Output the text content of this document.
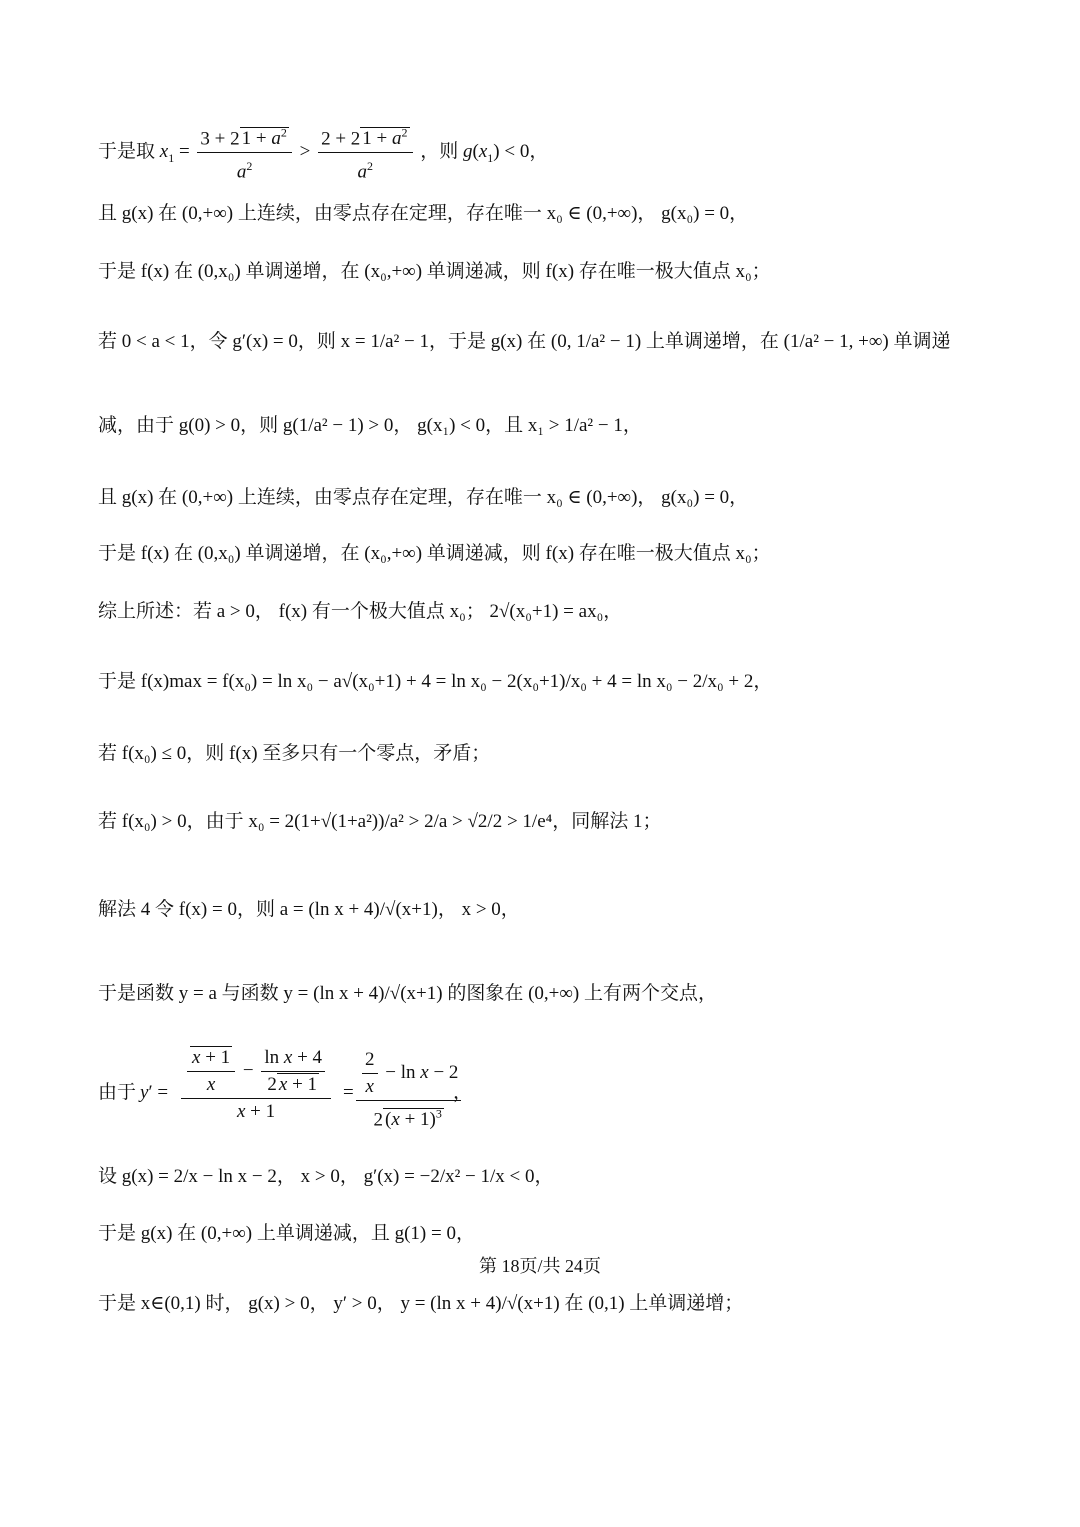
于是取 $x_1 = \frac{3 + 2 1 + a^2}{a^2} > \frac{2 + 2 1 + a^2}{a^2}$ ，则 $g(x_1) < 0$，
且 g(x) 在 (0,+∞) 上连续，由零点存在定理，存在唯一 x₀ ∈ (0,+∞)， g(x₀) = 0，
于是 f(x) 在 (0,x₀) 单调递增，在 (x₀,+∞) 单调递减，则 f(x) 存在唯一极大值点 x₀；
若 0 < a < 1，令 g′(x) = 0，则 x = 1/a² − 1，于是 g(x) 在 (0, 1/a² − 1) 上单调递增，在 (1/a² − 1, +∞) 单调递
减，由于 g(0) > 0，则 g(1/a² − 1) > 0， g(x₁) < 0，且 x₁ > 1/a² − 1，
且 g(x) 在 (0,+∞) 上连续，由零点存在定理，存在唯一 x₀ ∈ (0,+∞)， g(x₀) = 0，
于是 f(x) 在 (0,x₀) 单调递增，在 (x₀,+∞) 单调递减，则 f(x) 存在唯一极大值点 x₀；
综上所述：若 a > 0， f(x) 有一个极大值点 x₀； 2√(x₀+1) = ax₀，
于是 f(x)max = f(x₀) = ln x₀ − a√(x₀+1) + 4 = ln x₀ − 2(x₀+1)/x₀ + 4 = ln x₀ − 2/x₀ + 2，
若 f(x₀) ≤ 0，则 f(x) 至多只有一个零点，矛盾；
若 f(x₀) > 0，由于 x₀ = 2(1+√(1+a²))/a² > 2/a > √2/2 > 1/e⁴，同解法 1；
解法 4 令 f(x) = 0，则 a = (ln x + 4)/√(x+1)， x > 0，
于是函数 y = a 与函数 y = (ln x + 4)/√(x+1) 的图象在 (0,+∞) 上有两个交点，
由于 $y' = \frac{\frac{x + 1}{x} - \frac{\text{ln x + 4}}{2 x + 1}}{x + 1} = \frac{\frac{2}{x} - \ln x - 2}{2 (x + 1)^3}$
，
设 g(x) = 2/x − ln x − 2， x > 0， g′(x) = −2/x² − 1/x < 0，
于是 g(x) 在 (0,+∞) 上单调递减，且 g(1) = 0，
于是 x∈(0,1) 时， g(x) > 0， y′ > 0， y = (ln x + 4)/√(x+1) 在 (0,1) 上单调递增；
第 18页/共 24页
